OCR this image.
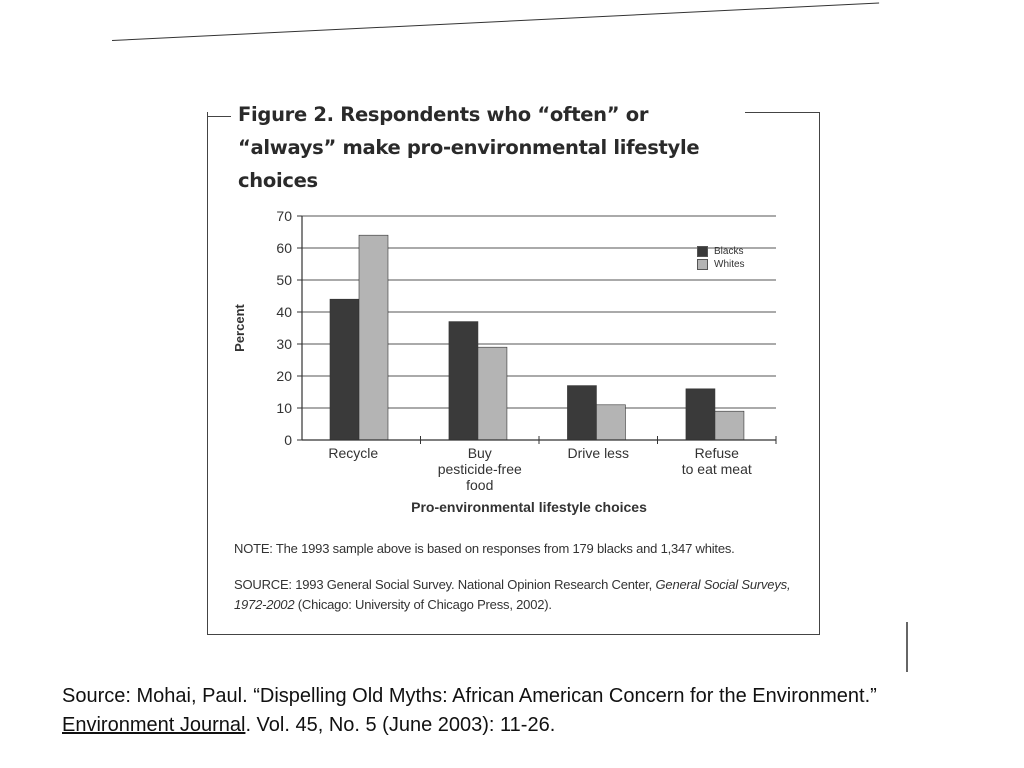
Figure 2. Respondents who “often” or “always” make pro-environmental lifestyle choices
0
10
20
30
40
50
60
70
Percent
Recycle	Buy pesticide-free food
Drive less	Refuse to eat meat
Pro-environmental lifestyle choices
Blacks
Whites
NOTE: The 1993 sample above is based on responses from 179 blacks and 1,347 whites.
SOURCE: 1993 General Social Survey. National Opinion Research Center, General Social Surveys, 1972-2002 (Chicago: University of Chicago Press, 2002).
Source: Mohai, Paul. “Dispelling Old Myths: African American Concern for the Environment.” Environment Journal. Vol. 45, No. 5 (June 2003): 11-26.
